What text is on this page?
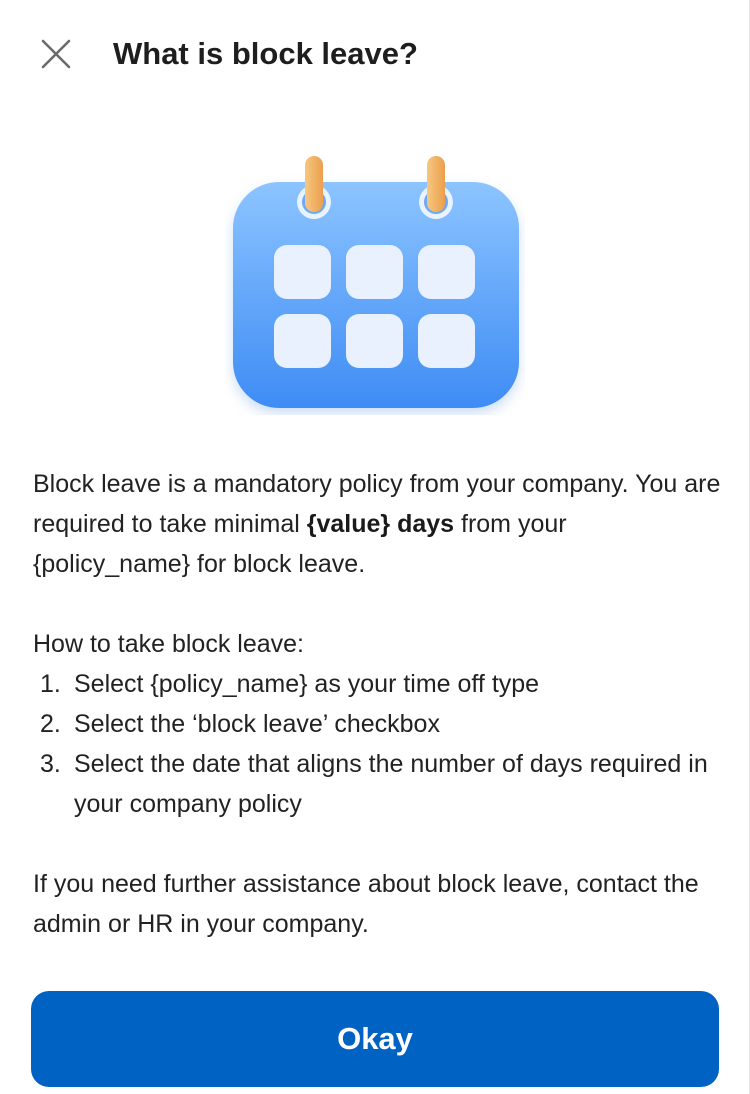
What is block leave?

Block leave is a mandatory policy from your company. You are required to take minimal {value} days from your {policy_name} for block leave.

How to take block leave:

1. Select {policy_name} as your time off type
2. Select the ‘block leave’ checkbox
3. Select the date that aligns the number of days required in your company policy

If you need further assistance about block leave, contact the admin or HR in your company.

Okay
